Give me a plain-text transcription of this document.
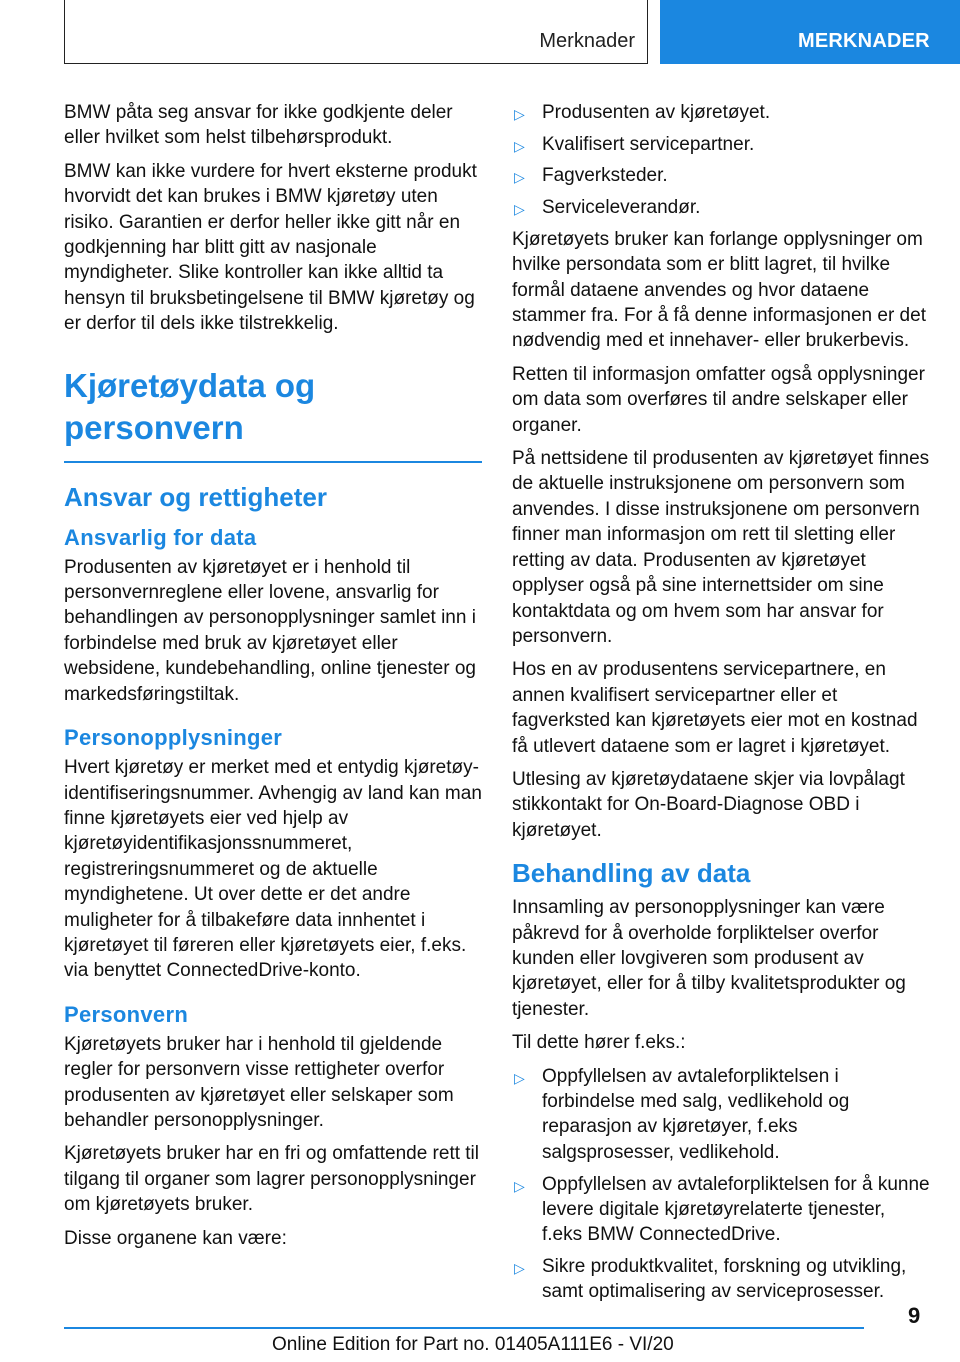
Merknader	MERKNADER

BMW påta seg ansvar for ikke godkjente deler eller hvilket som helst tilbehørsprodukt.

BMW kan ikke vurdere for hvert eksterne produkt hvorvidt det kan brukes i BMW kjøretøy uten risiko. Garantien er derfor heller ikke gitt når en godkjenning har blitt gitt av nasjonale myndigheter. Slike kontroller kan ikke alltid ta hensyn til bruksbetingelsene til BMW kjøretøy og er derfor til dels ikke tilstrekkelig.

Kjøretøydata og personvern
Ansvar og rettigheter
Ansvarlig for data

Produsenten av kjøretøyet er i henhold til personvernreglene eller lovene, ansvarlig for behandlingen av personopplysninger samlet inn i forbindelse med bruk av kjøretøyet eller websidene, kundebehandling, online tjenester og markedsføringstiltak.

Personopplysninger

Hvert kjøretøy er merket med et entydig kjøretøy-identifiseringsnummer. Avhengig av land kan man finne kjøretøyets eier ved hjelp av kjøretøyidentifikasjonssnummeret, registreringsnummeret og de aktuelle myndighetene. Ut over dette er det andre muligheter for å tilbakeføre data innhentet i kjøretøyet til føreren eller kjøretøyets eier, f.eks. via benyttet ConnectedDrive-konto.

Personvern

Kjøretøyets bruker har i henhold til gjeldende regler for personvern visse rettigheter overfor produsenten av kjøretøyet eller selskaper som behandler personopplysninger.

Kjøretøyets bruker har en fri og omfattende rett til tilgang til organer som lagrer personopplysninger om kjøretøyets bruker.

Disse organene kan være:

▷ Produsenten av kjøretøyet.
▷ Kvalifisert servicepartner.
▷ Fagverksteder.
▷ Serviceleverandør.

Kjøretøyets bruker kan forlange opplysninger om hvilke persondata som er blitt lagret, til hvilke formål dataene anvendes og hvor dataene stammer fra. For å få denne informasjonen er det nødvendig med et innehaver- eller brukerbevis.

Retten til informasjon omfatter også opplysninger om data som overføres til andre selskaper eller organer.

På nettsidene til produsenten av kjøretøyet finnes de aktuelle instruksjonene om personvern som anvendes. I disse instruksjonene om personvern finner man informasjon om rett til sletting eller retting av data. Produsenten av kjøretøyet opplyser også på sine internettsider om sine kontaktdata og om hvem som har ansvar for personvern.

Hos en av produsentens servicepartnere, en annen kvalifisert servicepartner eller et fagverksted kan kjøretøyets eier mot en kostnad få utlevert dataene som er lagret i kjøretøyet.

Utlesing av kjøretøydataene skjer via lovpålagt stikkontakt for On-Board-Diagnose OBD i kjøretøyet.

Behandling av data

Innsamling av personopplysninger kan være påkrevd for å overholde forpliktelser overfor kunden eller lovgiveren som produsent av kjøretøyet, eller for å tilby kvalitetsprodukter og tjenester.

Til dette hører f.eks.:

▷ Oppfyllelsen av avtaleforpliktelsen i forbindelse med salg, vedlikehold og reparasjon av kjøretøyer, f.eks salgsprosesser, vedlikehold.
▷ Oppfyllelsen av avtaleforpliktelsen for å kunne levere digitale kjøretøyrelaterte tjenester, f.eks BMW ConnectedDrive.
▷ Sikre produktkvalitet, forskning og utvikling, samt optimalisering av serviceprosesser.
9
Online Edition for Part no. 01405A111E6 - VI/20
